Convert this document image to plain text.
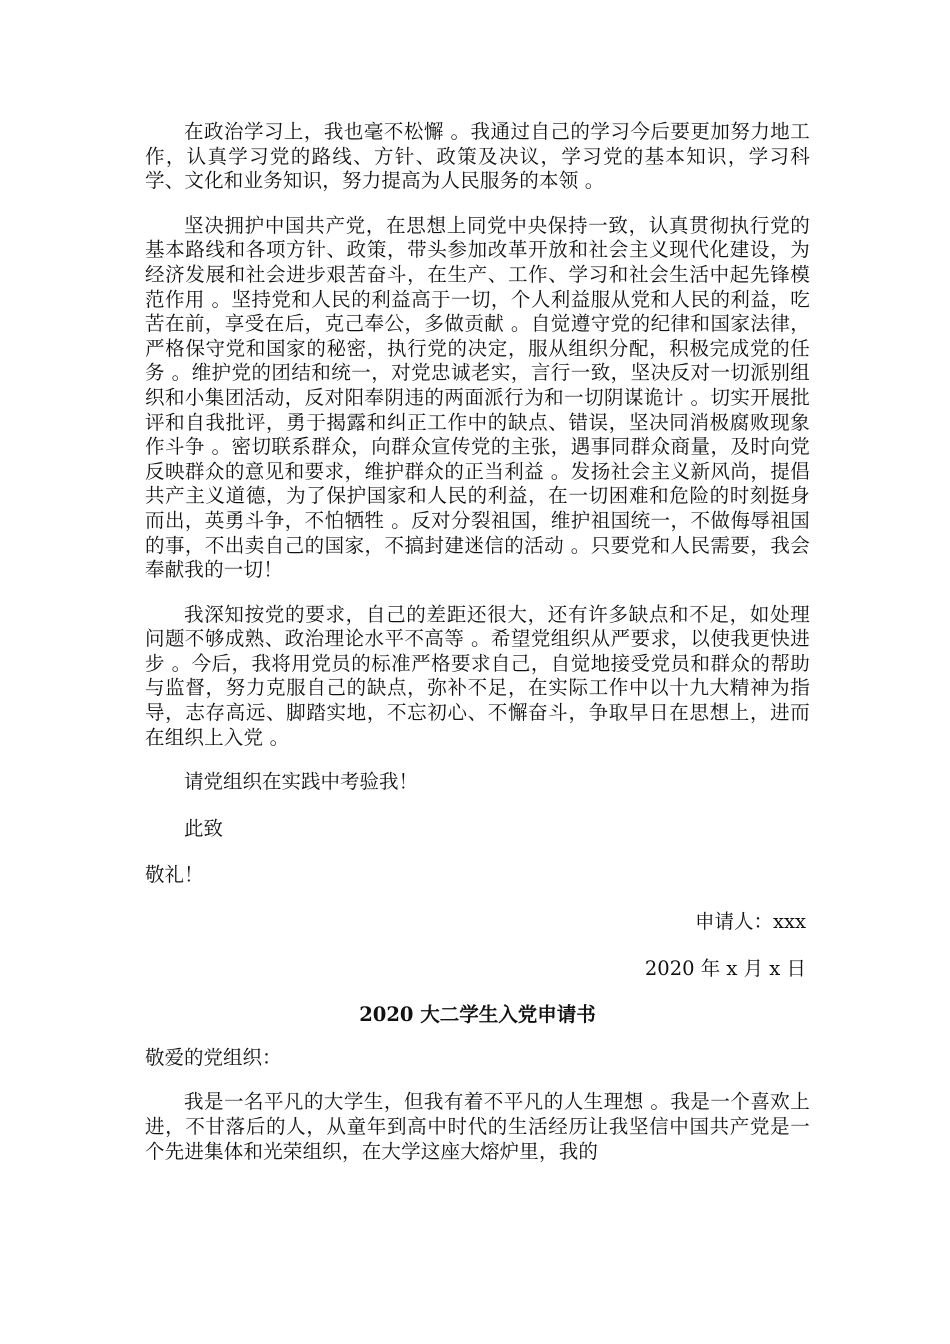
在政治学习上，我也毫不松懈 。我通过自己的学习今后要更加努力地工作，认真学习党的路线、方针、政策及决议，学习党的基本知识，学习科学、文化和业务知识，努力提高为人民服务的本领 。

坚决拥护中国共产党，在思想上同党中央保持一致，认真贯彻执行党的基本路线和各项方针、政策，带头参加改革开放和社会主义现代化建设，为经济发展和社会进步艰苦奋斗，在生产、工作、学习和社会生活中起先锋模范作用 。坚持党和人民的利益高于一切，个人利益服从党和人民的利益，吃苦在前，享受在后，克己奉公，多做贡献 。自觉遵守党的纪律和国家法律，严格保守党和国家的秘密，执行党的决定，服从组织分配，积极完成党的任务 。维护党的团结和统一，对党忠诚老实，言行一致，坚决反对一切派别组织和小集团活动，反对阳奉阴违的两面派行为和一切阴谋诡计 。切实开展批评和自我批评，勇于揭露和纠正工作中的缺点、错误，坚决同消极腐败现象作斗争 。密切联系群众，向群众宣传党的主张，遇事同群众商量，及时向党反映群众的意见和要求，维护群众的正当利益 。发扬社会主义新风尚，提倡共产主义道德，为了保护国家和人民的利益，在一切困难和危险的时刻挺身而出，英勇斗争，不怕牺牲 。反对分裂祖国，维护祖国统一，不做侮辱祖国的事，不出卖自己的国家，不搞封建迷信的活动 。只要党和人民需要，我会奉献我的一切！

我深知按党的要求，自己的差距还很大，还有许多缺点和不足，如处理问题不够成熟、政治理论水平不高等 。希望党组织从严要求，以使我更快进步 。今后，我将用党员的标准严格要求自己，自觉地接受党员和群众的帮助与监督，努力克服自己的缺点，弥补不足，在实际工作中以十九大精神为指导，志存高远、脚踏实地，不忘初心、不懈奋斗，争取早日在思想上，进而在组织上入党 。

请党组织在实践中考验我！

此致

敬礼！

申请人：xxx

2020 年 x 月 x 日

2020 大二学生入党申请书

敬爱的党组织：

我是一名平凡的大学生，但我有着不平凡的人生理想 。我是一个喜欢上进，不甘落后的人，从童年到高中时代的生活经历让我坚信中国共产党是一个先进集体和光荣组织，在大学这座大熔炉里，我的
